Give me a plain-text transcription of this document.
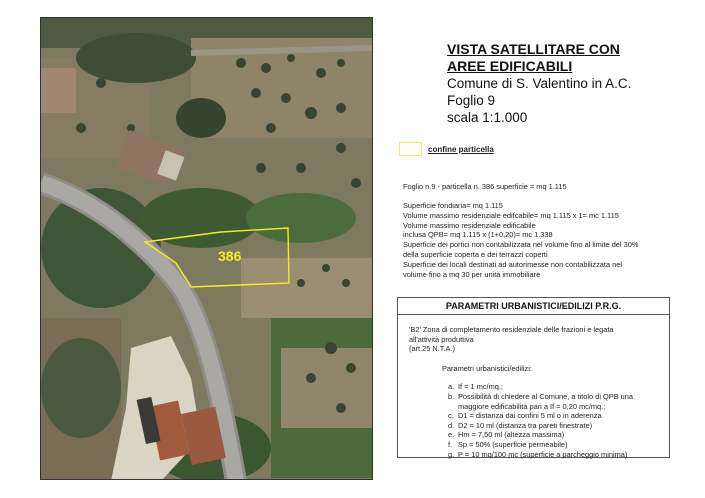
386
VISTA SATELLITARE CON
AREE EDIFICABILI
Comune di S. Valentino in A.C.
Foglio 9
scala 1:1.000
confine particella
Foglio n.9 - particella n. 386 superficie = mq 1.115
Superficie fondiaria= mq 1.115
Volume massimo residenziale edifcabile= mq 1.115 x 1= mc 1.115
Volume massimo residenziale edificabile
inclusa QPB= mq 1.115 x (1+0,20)= mc 1.338
Superficie dei portici non contabilizzata nel volume fino al limite del 30%
della superficie coperta e dei terrazzi coperti
Superficie dei locali destinati ad autorimesse non contabilizzata nel
volume fino a mq 30 per unità immobiliare
PARAMETRI URBANISTICI/EDILIZI P.R.G.
'B2' Zona di completamento residenziale delle frazioni e legata
all'attività produttiva
(art.25 N.T.A.)
Parametri urbanistici/edilizi:
a. If = 1 mc/mq.;
b. Possibilità di chiedere al Comune, a titolo di QPB una
maggiore edificabilità pari a If = 0,20 mc/mq.;
c. D1 = distanza dai confini 5 ml o in aderenza
d. D2 = 10 ml (distanza tra pareti finestrate)
e. Hm = 7,50 ml (altezza massima)
f. Sp = 50% (superficie permeabile)
g. P = 10 mq/100 mc (superficie a parcheggio minima)
